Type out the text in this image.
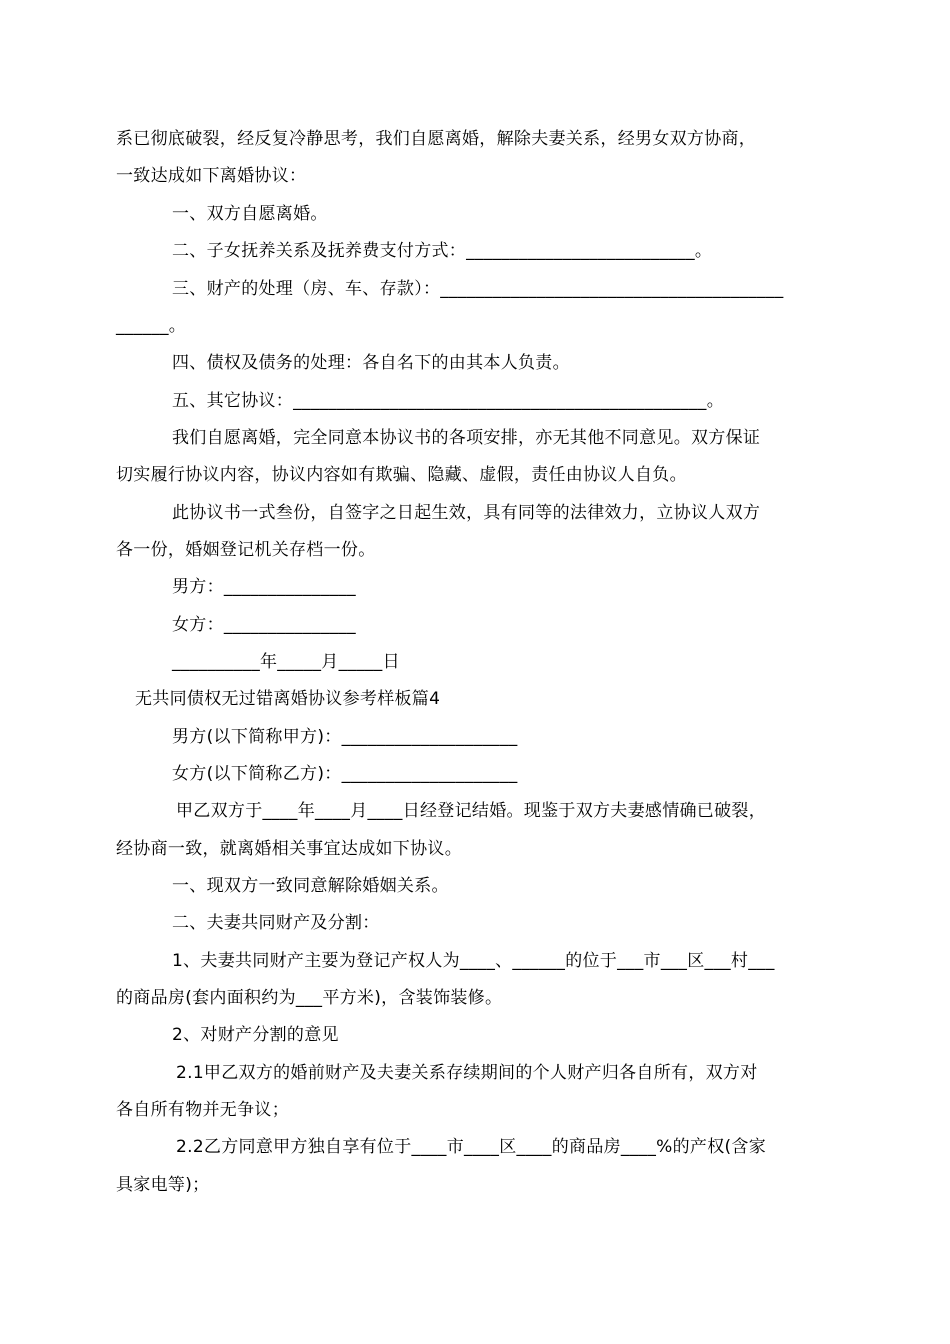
系已彻底破裂，经反复冷静思考，我们自愿离婚，解除夫妻关系，经男女双方协商，
一致达成如下离婚协议：
一、双方自愿离婚。
二、子女抚养关系及抚养费支付方式：__________________________。
三、财产的处理（房、车、存款）：_______________________________________
______。
四、债权及债务的处理：各自名下的由其本人负责。
五、其它协议：_______________________________________________。
我们自愿离婚，完全同意本协议书的各项安排，亦无其他不同意见。双方保证
切实履行协议内容，协议内容如有欺骗、隐藏、虚假，责任由协议人自负。
此协议书一式叁份，自签字之日起生效，具有同等的法律效力，立协议人双方
各一份，婚姻登记机关存档一份。
男方：_______________
女方：_______________
__________年_____月_____日
无共同债权无过错离婚协议参考样板篇4
男方(以下简称甲方)：____________________
女方(以下简称乙方)：____________________
甲乙双方于____年____月____日经登记结婚。现鉴于双方夫妻感情确已破裂，
经协商一致，就离婚相关事宜达成如下协议。
一、现双方一致同意解除婚姻关系。
二、夫妻共同财产及分割：
1、夫妻共同财产主要为登记产权人为____、______的位于___市___区___村___
的商品房(套内面积约为___平方米)，含装饰装修。
2、对财产分割的意见
2.1甲乙双方的婚前财产及夫妻关系存续期间的个人财产归各自所有，双方对
各自所有物并无争议；
2.2乙方同意甲方独自享有位于____市____区____的商品房____%的产权(含家
具家电等)；
